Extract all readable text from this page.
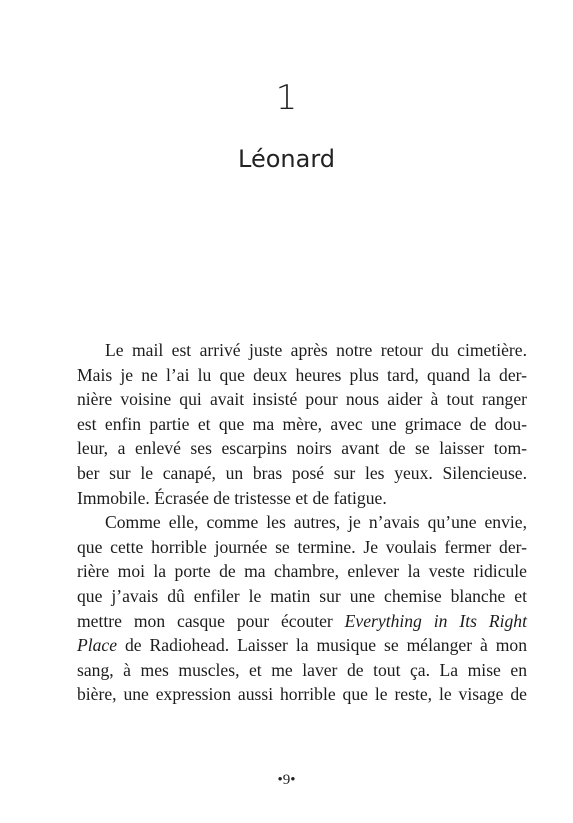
1
Léonard
Le mail est arrivé juste après notre retour du cimetière.
Mais je ne l’ai lu que deux heures plus tard, quand la der-
nière voisine qui avait insisté pour nous aider à tout ranger
est enfin partie et que ma mère, avec une grimace de dou-
leur, a enlevé ses escarpins noirs avant de se laisser tom-
ber sur le canapé, un bras posé sur les yeux. Silencieuse.
Immobile. Écrasée de tristesse et de fatigue.
Comme elle, comme les autres, je n’avais qu’une envie,
que cette horrible journée se termine. Je voulais fermer der-
rière moi la porte de ma chambre, enlever la veste ridicule
que j’avais dû enfiler le matin sur une chemise blanche et
mettre mon casque pour écouter Everything in Its Right
Place de Radiohead. Laisser la musique se mélanger à mon
sang, à mes muscles, et me laver de tout ça. La mise en
bière, une expression aussi horrible que le reste, le visage de
•9•
